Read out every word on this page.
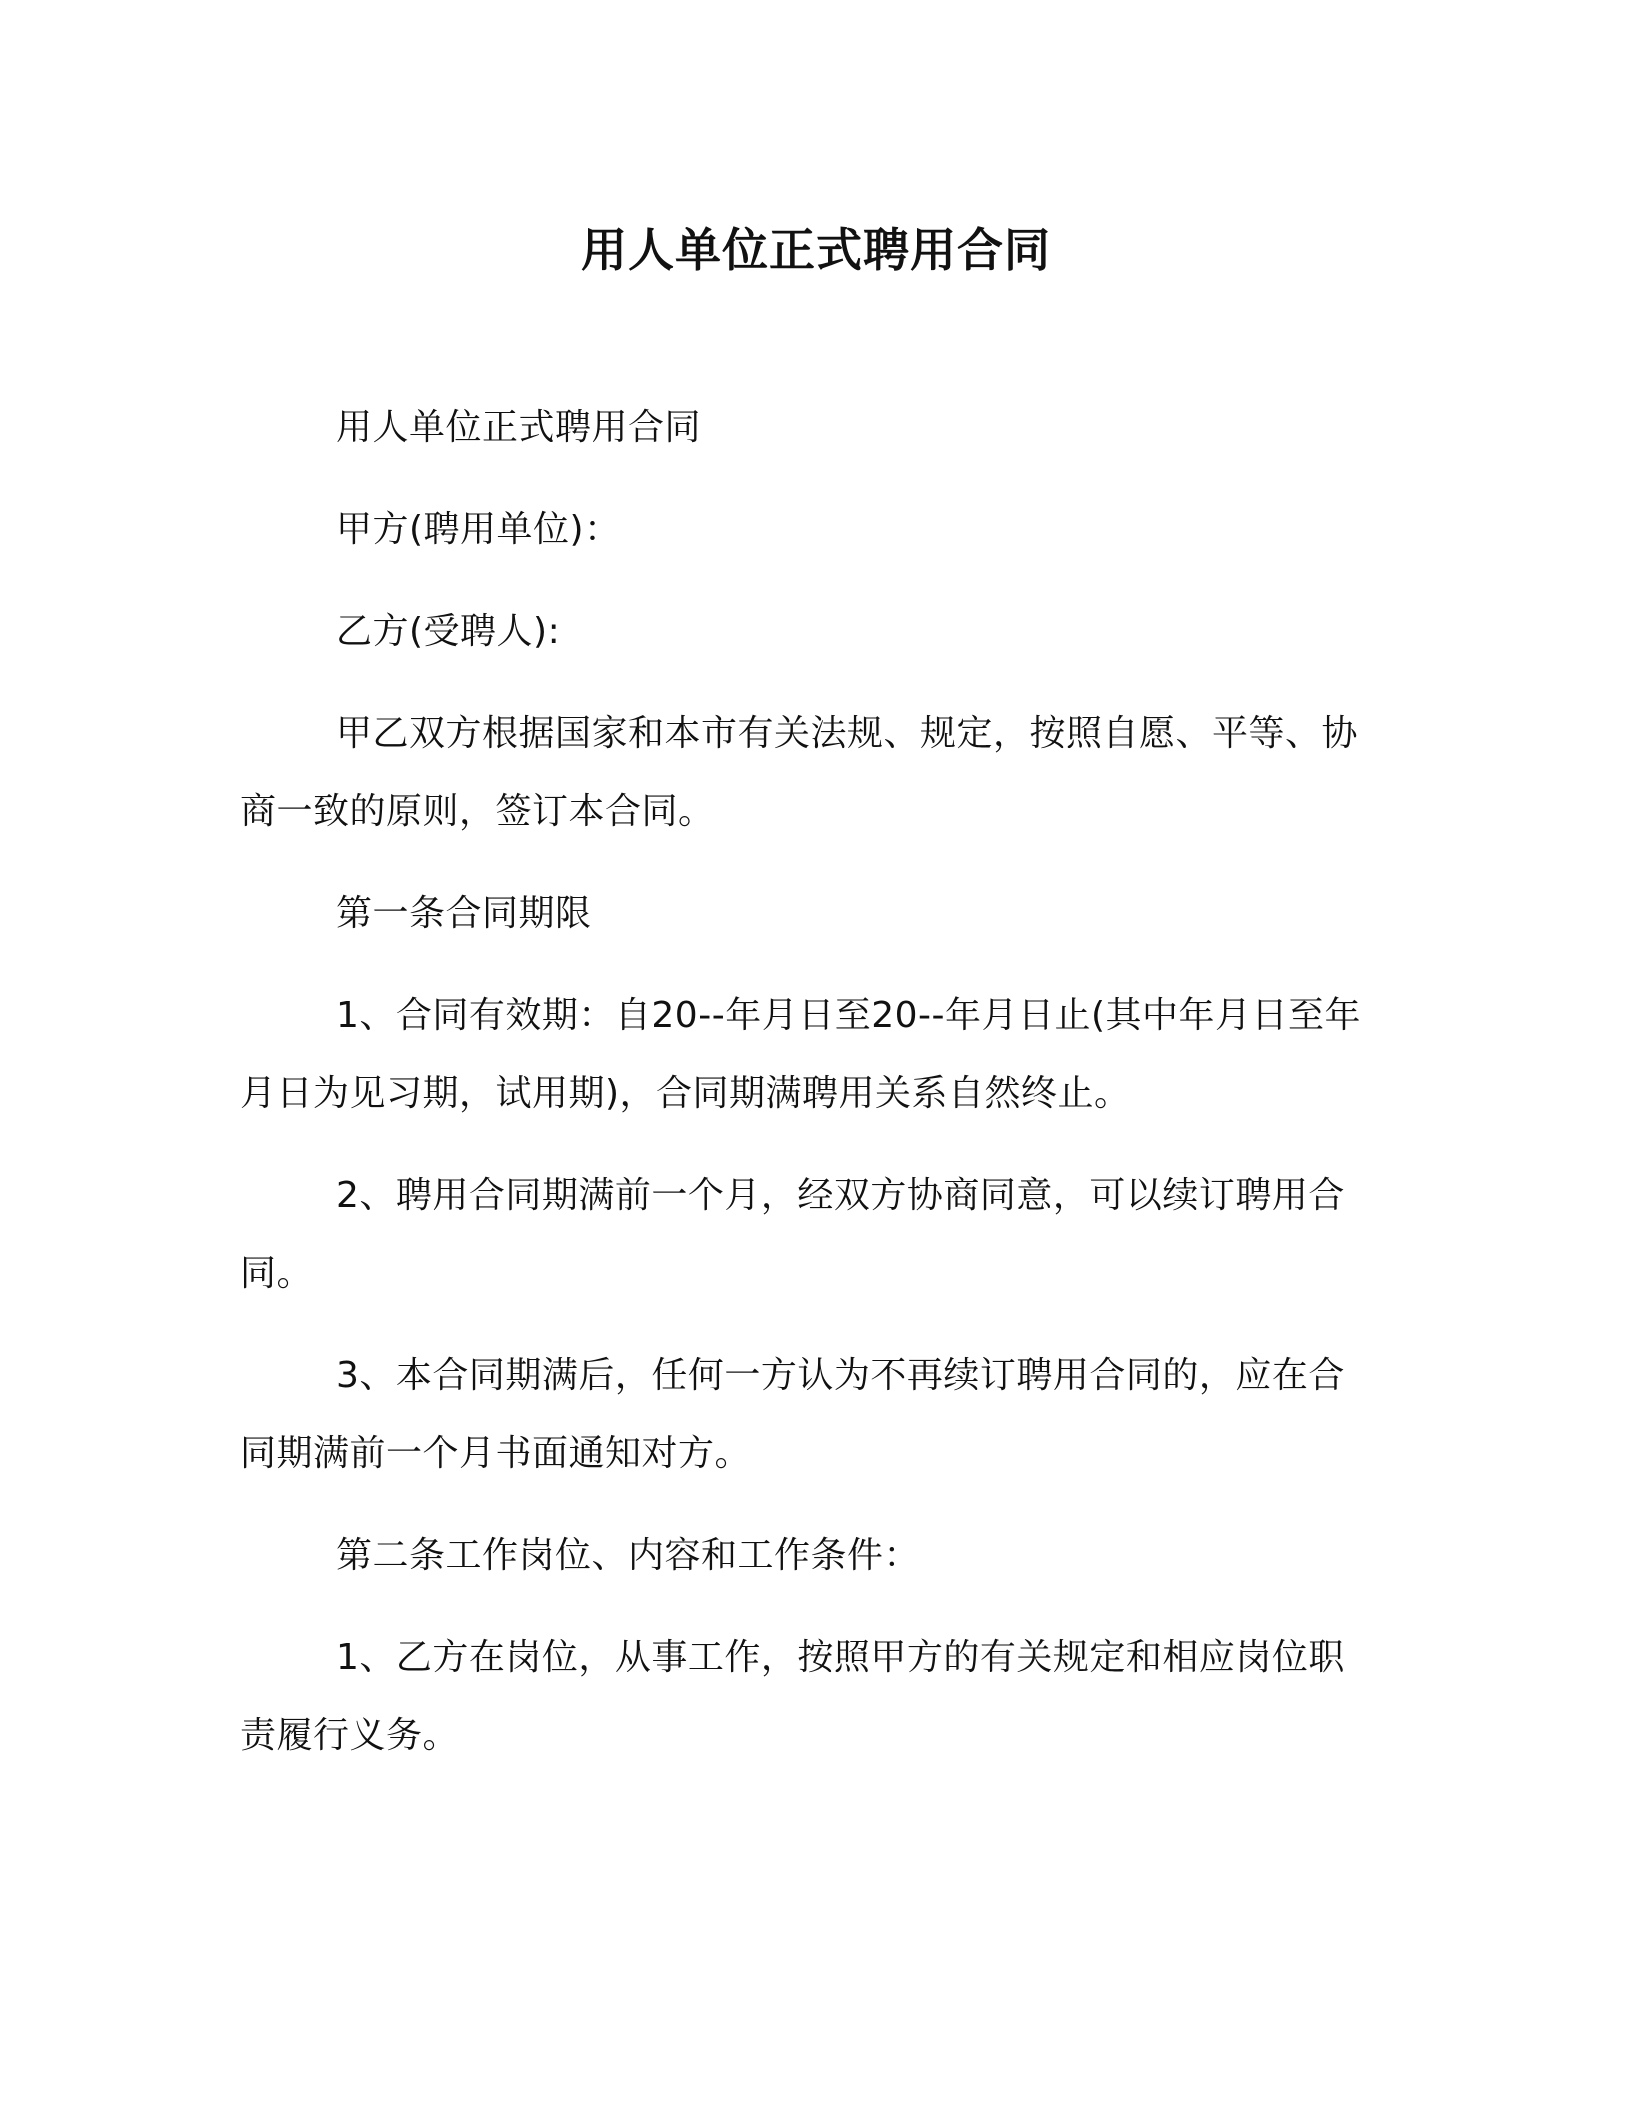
用人单位正式聘用合同

用人单位正式聘用合同

甲方(聘用单位)：

乙方(受聘人):

甲乙双方根据国家和本市有关法规、规定，按照自愿、平等、协商一致的原则，签订本合同。

第一条合同期限

1、合同有效期：自20--年月日至20--年月日止(其中年月日至年月日为见习期，试用期)，合同期满聘用关系自然终止。

2、聘用合同期满前一个月，经双方协商同意，可以续订聘用合同。

3、本合同期满后，任何一方认为不再续订聘用合同的，应在合同期满前一个月书面通知对方。

第二条工作岗位、内容和工作条件：

1、乙方在岗位，从事工作，按照甲方的有关规定和相应岗位职责履行义务。
